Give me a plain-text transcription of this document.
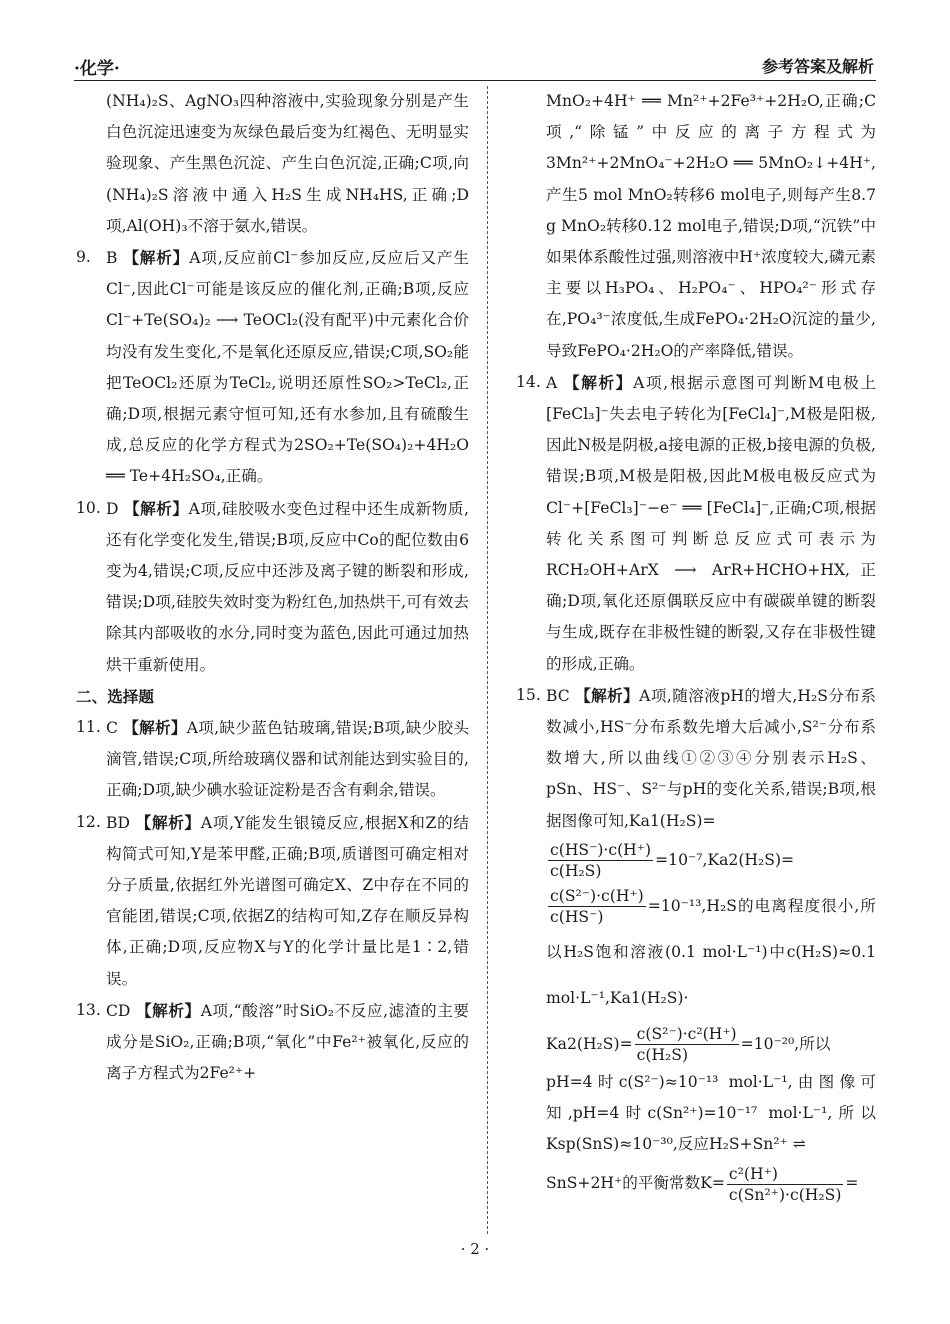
·化学·	参考答案及解析

(NH₄)₂S、AgNO₃四种溶液中,实验现象分别是产生白色沉淀迅速变为灰绿色最后变为红褐色、无明显实验现象、产生黑色沉淀、产生白色沉淀,正确;C项,向(NH₄)₂S溶液中通入H₂S生成NH₄HS,正确;D项,Al(OH)₃不溶于氨水,错误。

9. B 【解析】A项,反应前Cl⁻参加反应,反应后又产生Cl⁻,因此Cl⁻可能是该反应的催化剂,正确;B项,反应Cl⁻+Te(SO₄)₂ ⟶ TeOCl₂(没有配平)中元素化合价均没有发生变化,不是氧化还原反应,错误;C项,SO₂能把TeOCl₂还原为TeCl₂,说明还原性SO₂>TeCl₂,正确;D项,根据元素守恒可知,还有水参加,且有硫酸生成,总反应的化学方程式为2SO₂+Te(SO₄)₂+4H₂O ══ Te+4H₂SO₄,正确。

10. D 【解析】A项,硅胶吸水变色过程中还生成新物质,还有化学变化发生,错误;B项,反应中Co的配位数由6变为4,错误;C项,反应中还涉及离子键的断裂和形成,错误;D项,硅胶失效时变为粉红色,加热烘干,可有效去除其内部吸收的水分,同时变为蓝色,因此可通过加热烘干重新使用。

二、选择题

11. C 【解析】A项,缺少蓝色钴玻璃,错误;B项,缺少胶头滴管,错误;C项,所给玻璃仪器和试剂能达到实验目的,正确;D项,缺少碘水验证淀粉是否含有剩余,错误。

12. BD 【解析】A项,Y能发生银镜反应,根据X和Z的结构简式可知,Y是苯甲醛,正确;B项,质谱图可确定相对分子质量,依据红外光谱图可确定X、Z中存在不同的官能团,错误;C项,依据Z的结构可知,Z存在顺反异构体,正确;D项,反应物X与Y的化学计量比是1∶2,错误。

13. CD 【解析】A项,“酸溶”时SiO₂不反应,滤渣的主要成分是SiO₂,正确;B项,“氧化”中Fe²⁺被氧化,反应的离子方程式为2Fe²⁺+

MnO₂+4H⁺ ══ Mn²⁺+2Fe³⁺+2H₂O,正确;C项,“除锰”中反应的离子方程式为3Mn²⁺+2MnO₄⁻+2H₂O ══ 5MnO₂↓+4H⁺,产生5 mol MnO₂转移6 mol电子,则每产生8.7 g MnO₂转移0.12 mol电子,错误;D项,“沉铁”中如果体系酸性过强,则溶液中H⁺浓度较大,磷元素主要以H₃PO₄、H₂PO₄⁻、HPO₄²⁻形式存在,PO₄³⁻浓度低,生成FePO₄·2H₂O沉淀的量少,导致FePO₄·2H₂O的产率降低,错误。

14. A 【解析】A项,根据示意图可判断M电极上[FeCl₃]⁻失去电子转化为[FeCl₄]⁻,M极是阳极,因此N极是阴极,a接电源的正极,b接电源的负极,错误;B项,M极是阳极,因此M极电极反应式为Cl⁻+[FeCl₃]⁻−e⁻ ══ [FeCl₄]⁻,正确;C项,根据转化关系图可判断总反应式可表示为RCH₂OH+ArX ⟶ ArR+HCHO+HX,正确;D项,氧化还原偶联反应中有碳碳单键的断裂与生成,既存在非极性键的断裂,又存在非极性键的形成,正确。

15. BC 【解析】A项,随溶液pH的增大,H₂S分布系数减小,HS⁻分布系数先增大后减小,S²⁻分布系数增大,所以曲线①②③④分别表示H₂S、pSn、HS⁻、S²⁻与pH的变化关系,错误;B项,根据图像可知,Ka1(H₂S)=

$\frac{c(HS^-)\cdot c(H^+)}{\text{c(H₂S)}} =10^{-7},Ka2(H_2S)=$

$\frac{\text{c(S²⁻)·c(H⁺)}}{c(HS^-)} =10^{-13},H_2S$的电离程度很小,所以H₂S饱和溶液(0.1 mol·L⁻¹)中c(H₂S)≈0.1 mol·L⁻¹,Ka1(H₂S)·

$Ka2(H_2S)= \frac{\text{c(S²⁻)·c²(H⁺)}}{\text{c(H₂S)}} =10^{-20}$,所以

pH=4时c(S²⁻)≈10⁻¹³ mol·L⁻¹,由图像可知,pH=4时c(Sn²⁺)=10⁻¹⁷ mol·L⁻¹,所以Ksp(SnS)≈10⁻³⁰,反应H₂S+Sn²⁺ ⇌

SnS+2H⁺的平衡常数$K= \frac{\text{c²(H⁺)}}{\text{c(Sn²⁺)·c(H₂S)}}$ =

· 2 ·
